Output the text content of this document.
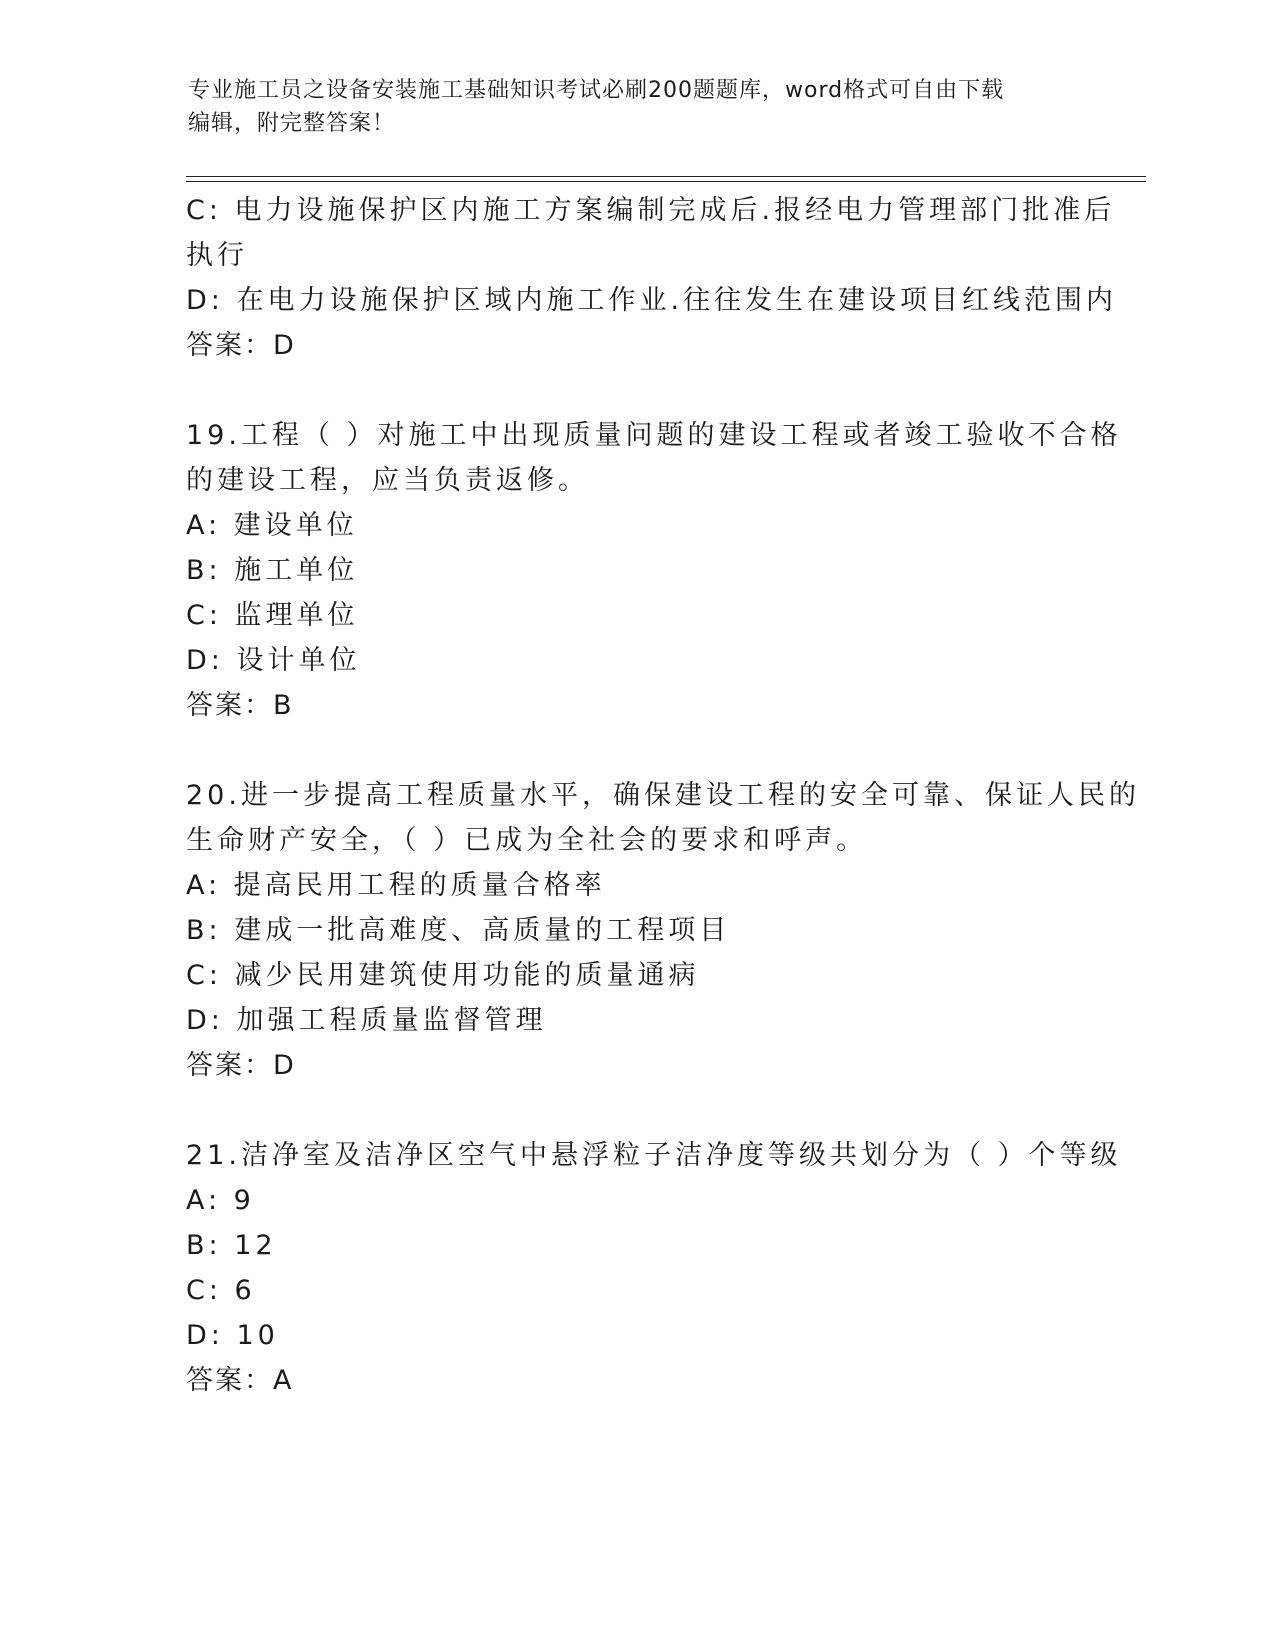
专业施工员之设备安装施工基础知识考试必刷200题题库，word格式可自由下载
编辑，附完整答案！
C: 电力设施保护区内施工方案编制完成后.报经电力管理部门批准后
执行
D: 在电力设施保护区域内施工作业.往往发生在建设项目红线范围内
答案：D
19.工程（ ）对施工中出现质量问题的建设工程或者竣工验收不合格
的建设工程，应当负责返修。
A: 建设单位
B: 施工单位
C: 监理单位
D: 设计单位
答案：B
20.进一步提高工程质量水平，确保建设工程的安全可靠、保证人民的
生命财产安全，（ ）已成为全社会的要求和呼声。
A: 提高民用工程的质量合格率
B: 建成一批高难度、高质量的工程项目
C: 减少民用建筑使用功能的质量通病
D: 加强工程质量监督管理
答案：D
21.洁净室及洁净区空气中悬浮粒子洁净度等级共划分为（ ）个等级
A: 9
B: 12
C: 6
D: 10
答案：A
